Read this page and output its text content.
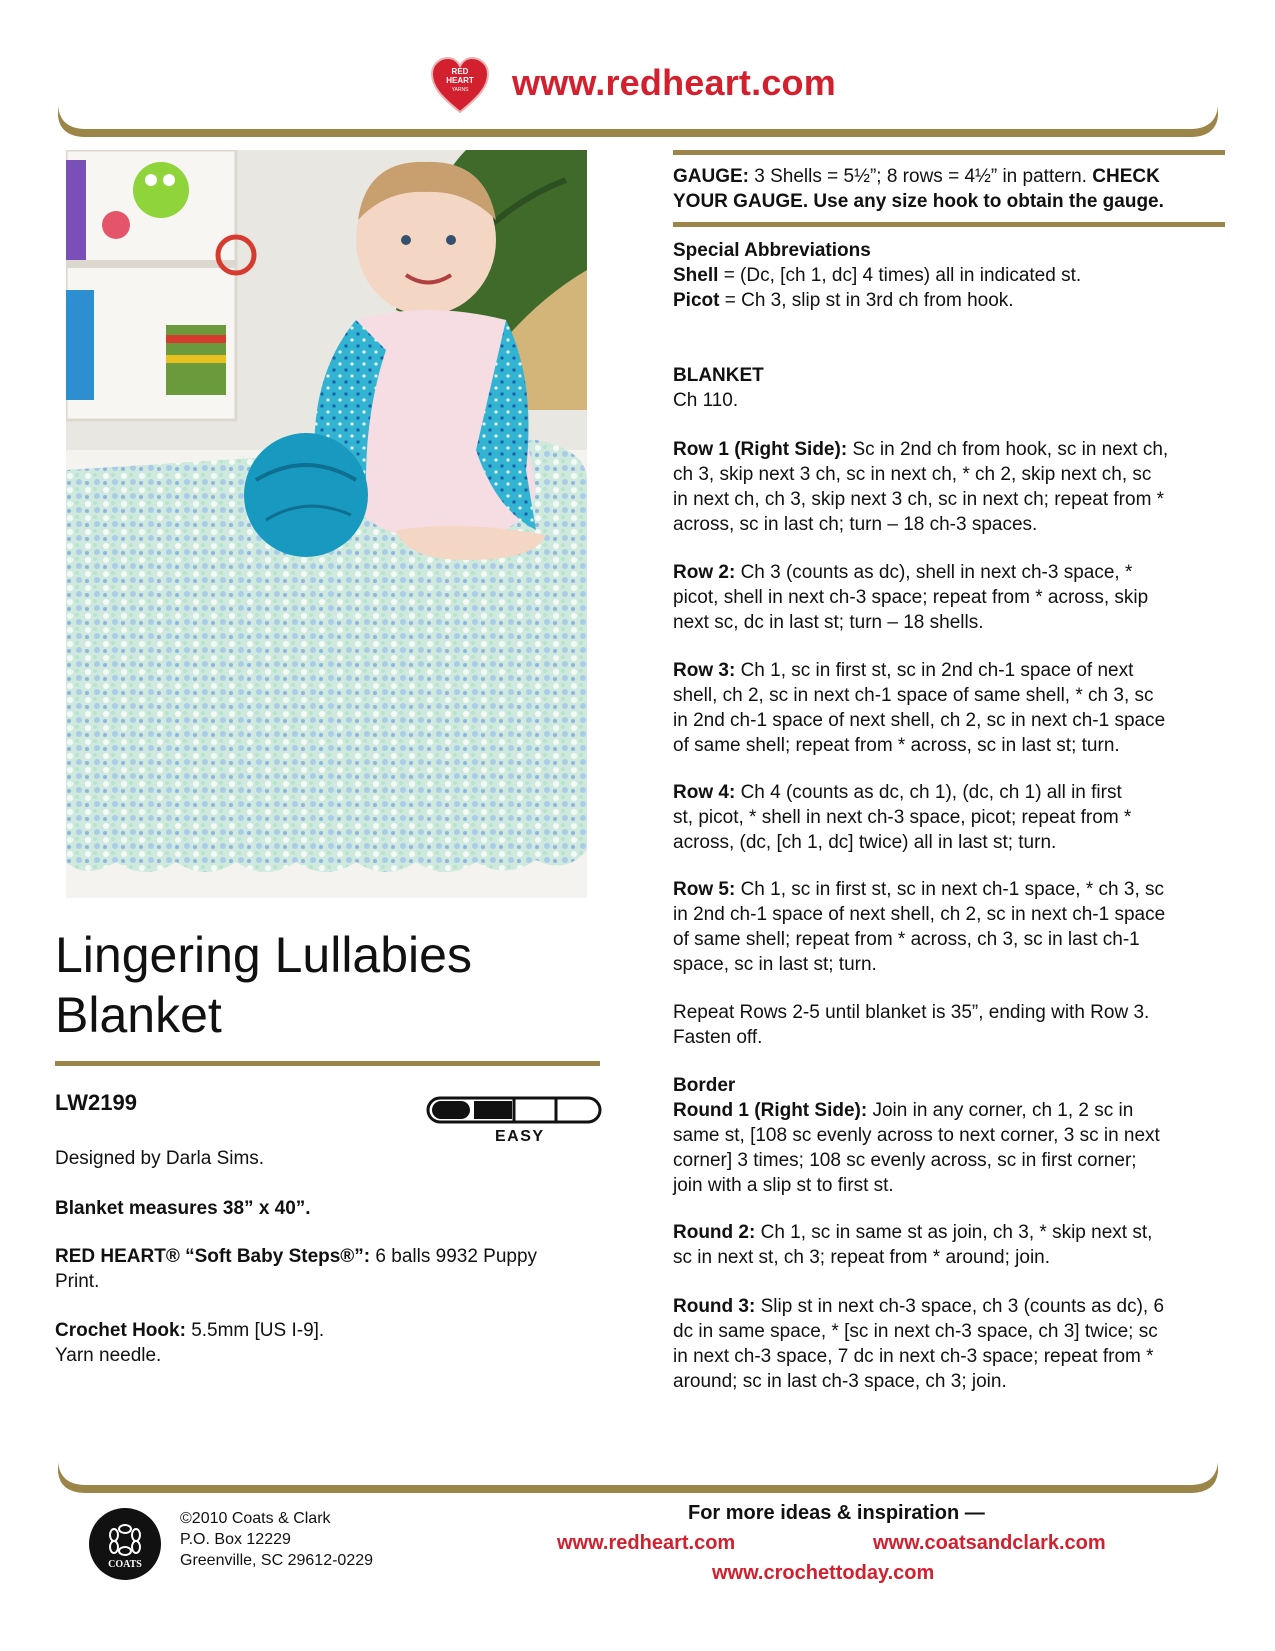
RED
HEART
YARNS www.redheart.com
Lingering Lullabies
Blanket
LW2199
EASY
Designed by Darla Sims.
Blanket measures 38” x 40”.
RED HEART® “Soft Baby Steps®”: 6 balls 9932 Puppy
Print.
Crochet Hook: 5.5mm [US I-9].
Yarn needle.
GAUGE: 3 Shells = 5½”; 8 rows = 4½” in pattern. CHECK
YOUR GAUGE. Use any size hook to obtain the gauge.
Special Abbreviations
Shell = (Dc, [ch 1, dc] 4 times) all in indicated st.
Picot = Ch 3, slip st in 3rd ch from hook.
BLANKET
Ch 110.
Row 1 (Right Side): Sc in 2nd ch from hook, sc in next ch,
ch 3, skip next 3 ch, sc in next ch, * ch 2, skip next ch, sc
in next ch, ch 3, skip next 3 ch, sc in next ch; repeat from *
across, sc in last ch; turn – 18 ch-3 spaces.
Row 2: Ch 3 (counts as dc), shell in next ch-3 space, *
picot, shell in next ch-3 space; repeat from * across, skip
next sc, dc in last st; turn – 18 shells.
Row 3: Ch 1, sc in first st, sc in 2nd ch-1 space of next
shell, ch 2, sc in next ch-1 space of same shell, * ch 3, sc
in 2nd ch-1 space of next shell, ch 2, sc in next ch-1 space
of same shell; repeat from * across, sc in last st; turn.
Row 4: Ch 4 (counts as dc, ch 1), (dc, ch 1) all in first
st, picot, * shell in next ch-3 space, picot; repeat from *
across, (dc, [ch 1, dc] twice) all in last st; turn.
Row 5: Ch 1, sc in first st, sc in next ch-1 space, * ch 3, sc
in 2nd ch-1 space of next shell, ch 2, sc in next ch-1 space
of same shell; repeat from * across, ch 3, sc in last ch-1
space, sc in last st; turn.
Repeat Rows 2-5 until blanket is 35”, ending with Row 3.
Fasten off.
Border
Round 1 (Right Side): Join in any corner, ch 1, 2 sc in
same st, [108 sc evenly across to next corner, 3 sc in next
corner] 3 times; 108 sc evenly across, sc in first corner;
join with a slip st to first st.
Round 2: Ch 1, sc in same st as join, ch 3, * skip next st,
sc in next st, ch 3; repeat from * around; join.
Round 3: Slip st in next ch-3 space, ch 3 (counts as dc), 6
dc in same space, * [sc in next ch-3 space, ch 3] twice; sc
in next ch-3 space, 7 dc in next ch-3 space; repeat from *
around; sc in last ch-3 space, ch 3; join.
COATS
©2010 Coats & Clark
P.O. Box 12229
Greenville, SC 29612-0229
For more ideas & inspiration —
www.redheart.com	www.coatsandclark.com
www.crochettoday.com
